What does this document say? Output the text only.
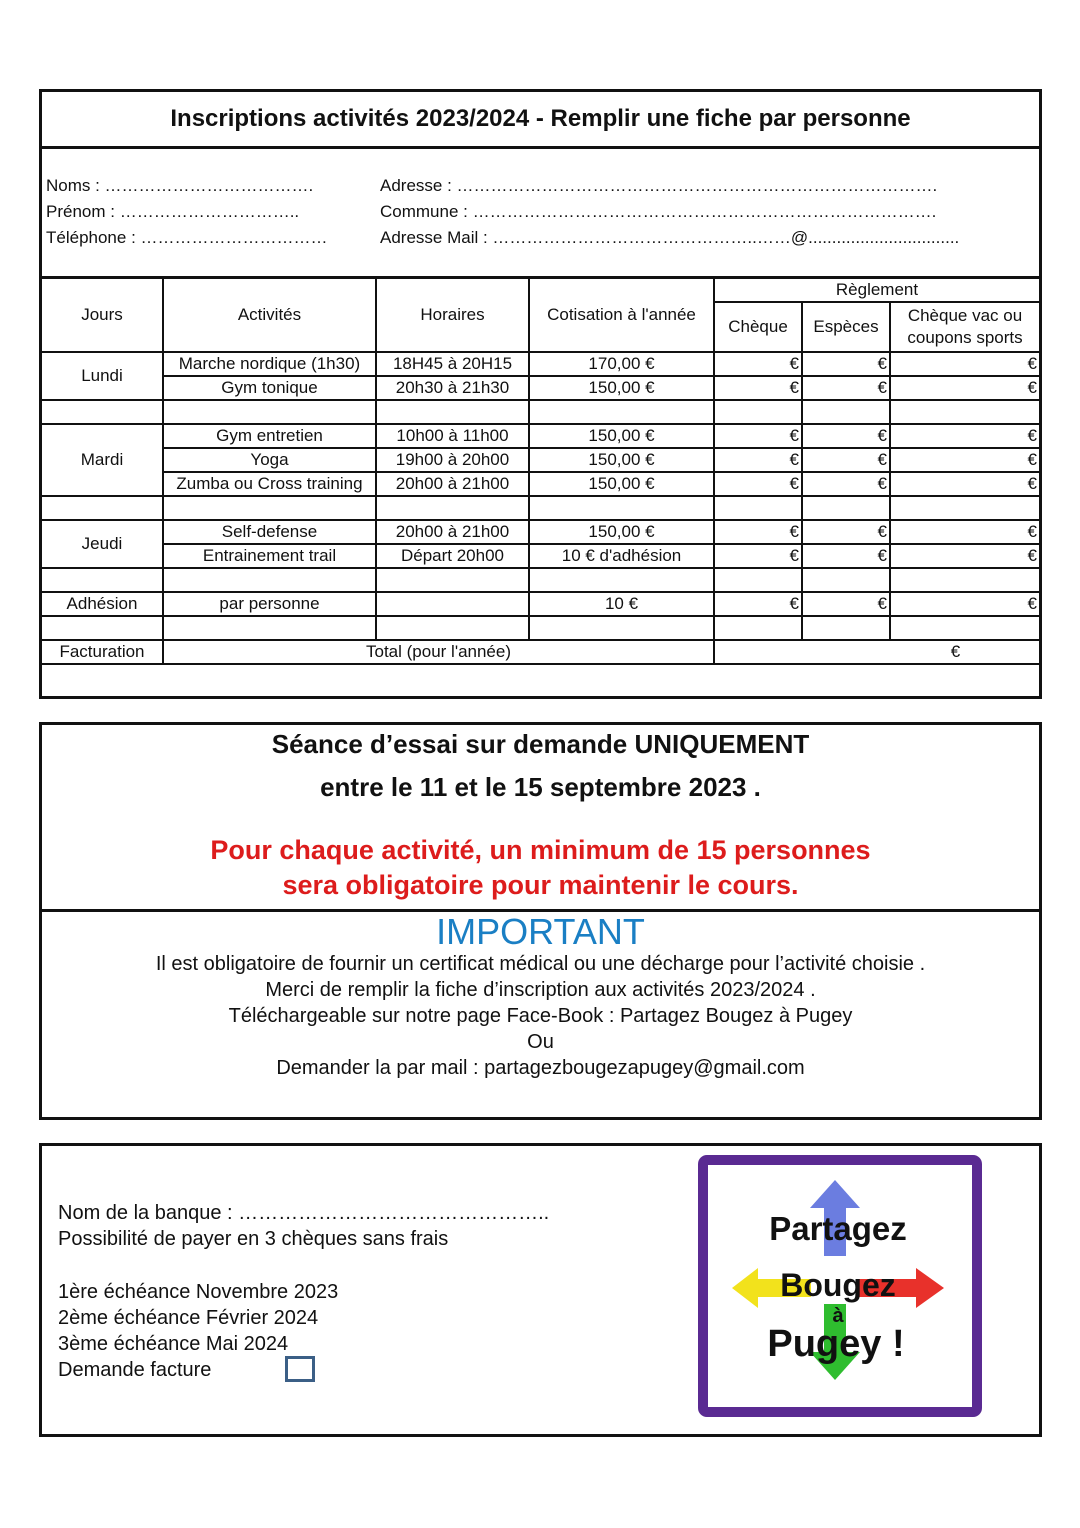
Inscriptions activités 2023/2024 - Remplir une fiche par personne
Noms : ……………………………….
Prénom : …………………………..
Téléphone : ……………………………
Adresse : ………………………………………………………………………….
Commune : ……………………………………………………………………….
Adresse Mail : ………………………………………..……@................................
Jours	Activités	Horaires	Cotisation à l'année	Règlement		
				Chèque	Espèces	Chèque vac ou coupons sports
Lundi	Marche nordique (1h30)	18H45 à 20H15	170,00 €	€	€	€
	Gym tonique	20h30 à 21h30	150,00 €	€	€	€

Mardi	Gym entretien	10h00 à 11h00	150,00 €	€	€	€
	Yoga	19h00 à 20h00	150,00 €	€	€	€
	Zumba ou Cross training	20h00 à 21h00	150,00 €	€	€	€

Jeudi	Self-defense	20h00 à 21h00	150,00 €	€	€	€
	Entrainement trail	Départ 20h00	10 € d'adhésion	€	€	€

Adhésion	par personne		10 €	€	€	€

Facturation	Total (pour l'année)			€		
Séance d’essai sur demande UNIQUEMENT
entre le 11 et le 15 septembre 2023 .
Pour chaque activité, un minimum de 15 personnes
sera obligatoire pour maintenir le cours.
IMPORTANT
Il est obligatoire de fournir un certificat médical ou une décharge pour l’activité choisie .
Merci de remplir la fiche d’inscription aux activités 2023/2024 .
Téléchargeable sur notre page Face-Book : Partagez Bougez à Pugey
Ou
Demander la par mail : partagezbougezapugey@gmail.com
Nom de la banque : ………………………………………..
Possibilité de payer en 3 chèques sans frais
1ère échéance Novembre 2023
2ème échéance Février 2024
3ème échéance Mai 2024
Demande facture
Partagez
Bougez
à
Pugey !
